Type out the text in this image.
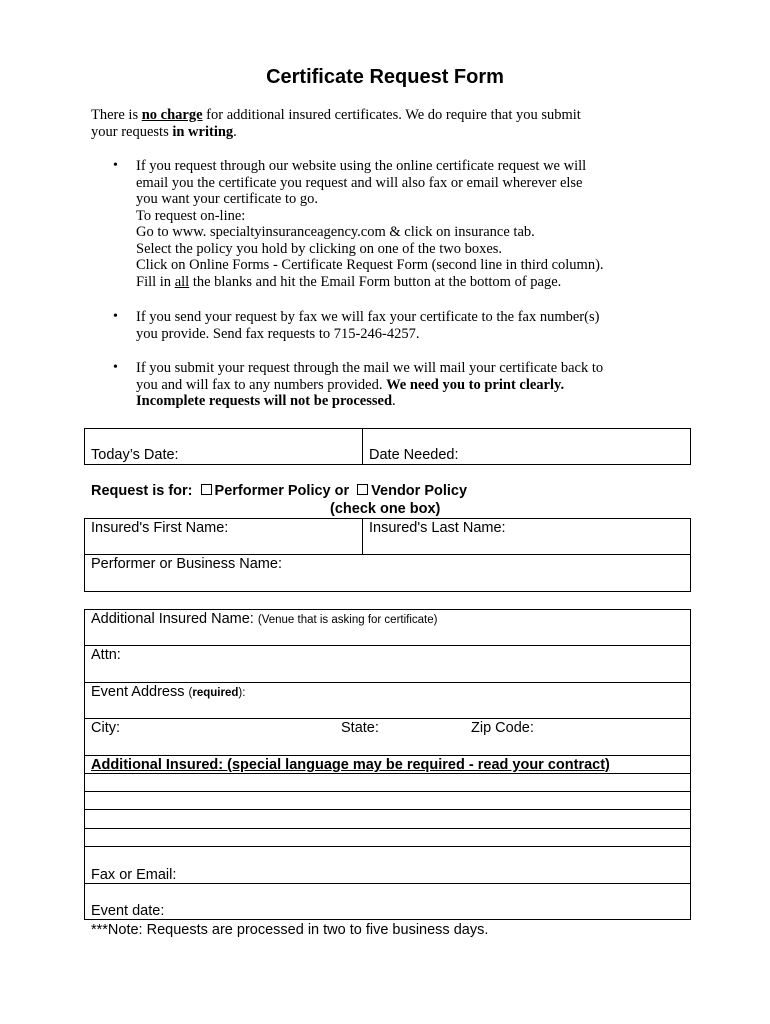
Certificate Request Form
There is no charge for additional insured certificates. We do require that you submit
your requests in writing.
• If you request through our website using the online certificate request we will
email you the certificate you request and will also fax or email wherever else
you want your certificate to go.
To request on-line:
Go to www. specialtyinsuranceagency.com & click on insurance tab.
Select the policy you hold by clicking on one of the two boxes.
Click on Online Forms - Certificate Request Form (second line in third column).
Fill in all the blanks and hit the Email Form button at the bottom of page.
• If you send your request by fax we will fax your certificate to the fax number(s)
you provide. Send fax requests to 715-246-4257.
• If you submit your request through the mail we will mail your certificate back to
you and will fax to any numbers provided. We need you to print clearly.
Incomplete requests will not be processed.
Today’s Date:	Date Needed:
Request is for: Performer Policy or Vendor Policy
(check one box)
Insured's First Name:	Insured's Last Name:
Performer or Business Name:
Additional Insured Name: (Venue that is asking for certificate)
Attn:
Event Address (required):
City:	State:	Zip Code:
Additional Insured: (special language may be required - read your contract)
Fax or Email:
Event date:
***Note: Requests are processed in two to five business days.
